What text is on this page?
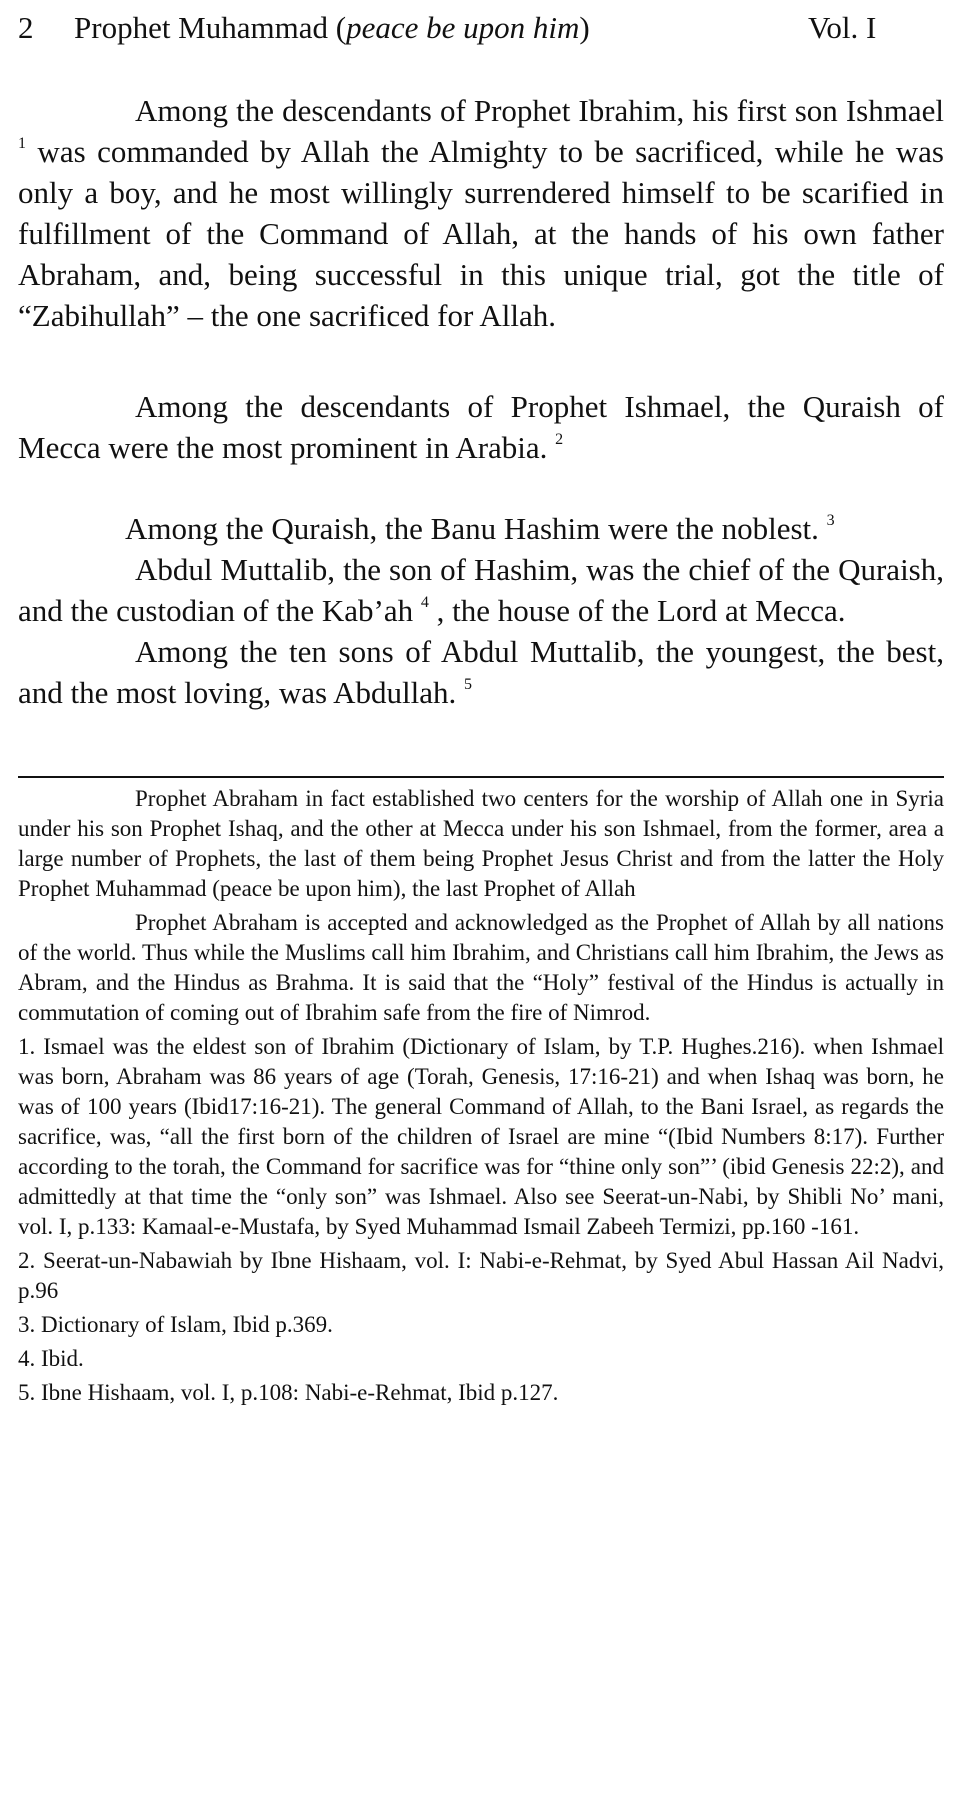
2 Prophet Muhammad (peace be upon him)	Vol. I

Among the descendants of Prophet Ibrahim, his first son Ishmael $^1$ was commanded by Allah the Almighty to be sacrificed, while he was only a boy, and he most willingly surrendered himself to be scarified in fulfillment of the Command of Allah, at the hands of his own father Abraham, and, being successful in this unique trial, got the title of “Zabihullah” – the one sacrificed for Allah.

Among the descendants of Prophet Ishmael, the Quraish of Mecca were the most prominent in Arabia. $^2$

Among the Quraish, the Banu Hashim were the noblest. $^3$

Abdul Muttalib, the son of Hashim, was the chief of the Quraish, and the custodian of the Kab’ah $^4$ , the house of the Lord at Mecca.

Among the ten sons of Abdul Muttalib, the youngest, the best, and the most loving, was Abdullah. $^5$

Prophet Abraham in fact established two centers for the worship of Allah one in Syria under his son Prophet Ishaq, and the other at Mecca under his son Ishmael, from the former, area a large number of Prophets, the last of them being Prophet Jesus Christ and from the latter the Holy Prophet Muhammad (peace be upon him), the last Prophet of Allah

Prophet Abraham is accepted and acknowledged as the Prophet of Allah by all nations of the world. Thus while the Muslims call him Ibrahim, and Christians call him Ibrahim, the Jews as Abram, and the Hindus as Brahma. It is said that the “Holy” festival of the Hindus is actually in commutation of coming out of Ibrahim safe from the fire of Nimrod.

1. Ismael was the eldest son of Ibrahim (Dictionary of Islam, by T.P. Hughes.216). when Ishmael was born, Abraham was 86 years of age (Torah, Genesis, 17:16-21) and when Ishaq was born, he was of 100 years (Ibid17:16-21). The general Command of Allah, to the Bani Israel, as regards the sacrifice, was, “all the first born of the children of Israel are mine “(Ibid Numbers 8:17). Further according to the torah, the Command for sacrifice was for “thine only son”’ (ibid Genesis 22:2), and admittedly at that time the “only son” was Ishmael. Also see Seerat-un-Nabi, by Shibli No’ mani, vol. I, p.133: Kamaal-e-Mustafa, by Syed Muhammad Ismail Zabeeh Termizi, pp.160 -161.

2. Seerat-un-Nabawiah by Ibne Hishaam, vol. I: Nabi-e-Rehmat, by Syed Abul Hassan Ail Nadvi, p.96

3. Dictionary of Islam, Ibid p.369.

4. Ibid.

5. Ibne Hishaam, vol. I, p.108: Nabi-e-Rehmat, Ibid p.127.
